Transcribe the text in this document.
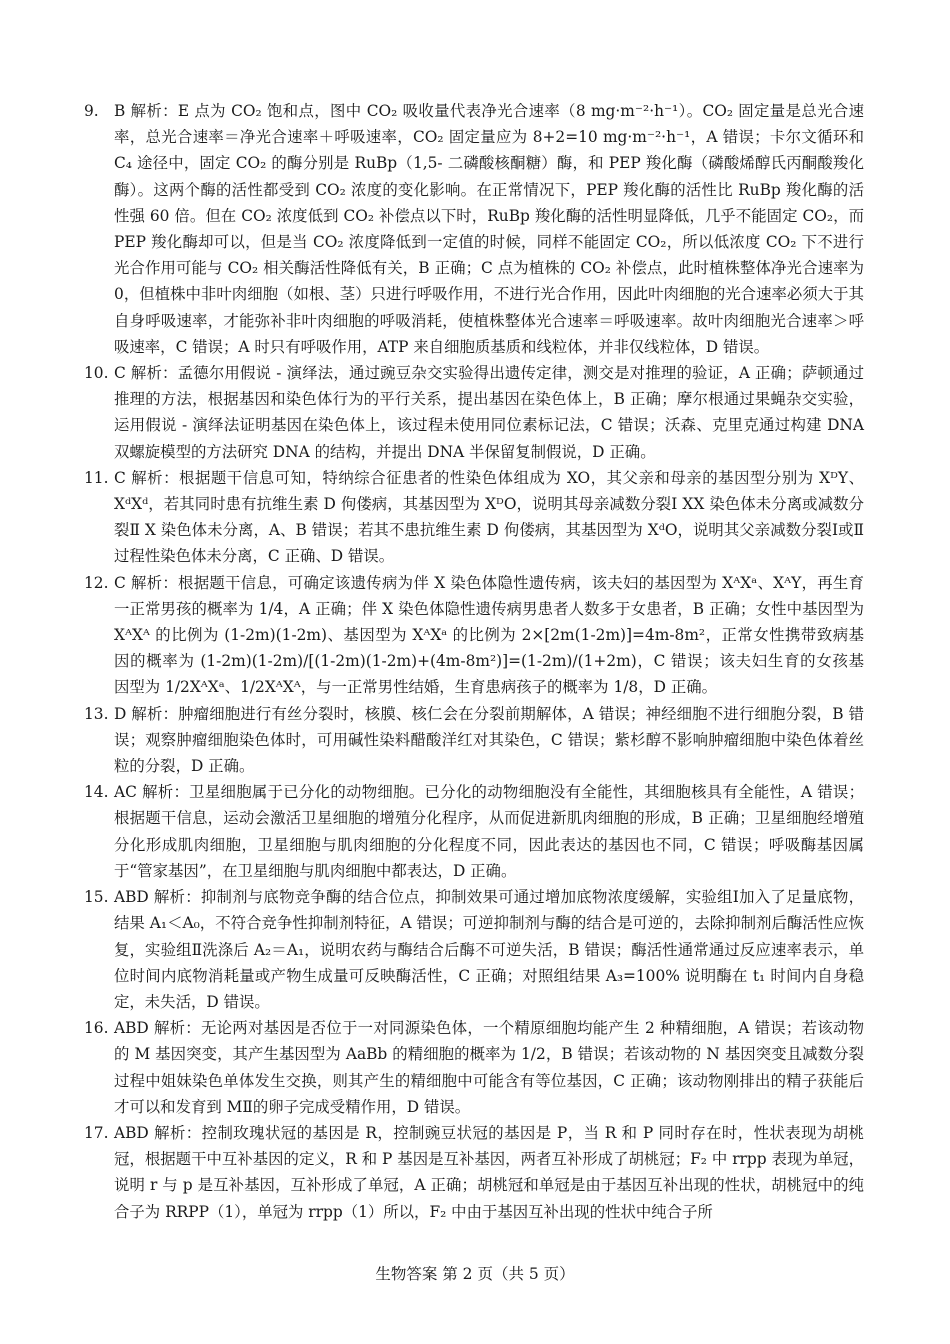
9. B 解析：E 点为 CO₂ 饱和点，图中 CO₂ 吸收量代表净光合速率（8 mg·m⁻²·h⁻¹）。CO₂ 固定量是总光合速率，总光合速率＝净光合速率＋呼吸速率，CO₂ 固定量应为 8+2=10 mg·m⁻²·h⁻¹，A 错误；卡尔文循环和 C₄ 途径中，固定 CO₂ 的酶分别是 RuBp（1,5- 二磷酸核酮糖）酶，和 PEP 羧化酶（磷酸烯醇氏丙酮酸羧化酶）。这两个酶的活性都受到 CO₂ 浓度的变化影响。在正常情况下，PEP 羧化酶的活性比 RuBp 羧化酶的活性强 60 倍。但在 CO₂ 浓度低到 CO₂ 补偿点以下时，RuBp 羧化酶的活性明显降低，几乎不能固定 CO₂，而 PEP 羧化酶却可以，但是当 CO₂ 浓度降低到一定值的时候，同样不能固定 CO₂，所以低浓度 CO₂ 下不进行光合作用可能与 CO₂ 相关酶活性降低有关，B 正确；C 点为植株的 CO₂ 补偿点，此时植株整体净光合速率为 0，但植株中非叶肉细胞（如根、茎）只进行呼吸作用，不进行光合作用，因此叶肉细胞的光合速率必须大于其自身呼吸速率，才能弥补非叶肉细胞的呼吸消耗，使植株整体光合速率＝呼吸速率。故叶肉细胞光合速率＞呼吸速率，C 错误；A 时只有呼吸作用，ATP 来自细胞质基质和线粒体，并非仅线粒体，D 错误。
10. C 解析：孟德尔用假说 - 演绎法，通过豌豆杂交实验得出遗传定律，测交是对推理的验证，A 正确；萨顿通过推理的方法，根据基因和染色体行为的平行关系，提出基因在染色体上，B 正确；摩尔根通过果蝇杂交实验，运用假说 - 演绎法证明基因在染色体上，该过程未使用同位素标记法，C 错误；沃森、克里克通过构建 DNA 双螺旋模型的方法研究 DNA 的结构，并提出 DNA 半保留复制假说，D 正确。
11. C 解析：根据题干信息可知，特纳综合征患者的性染色体组成为 XO，其父亲和母亲的基因型分别为 XᴰY、XᵈXᵈ，若其同时患有抗维生素 D 佝偻病，其基因型为 XᴰO，说明其母亲减数分裂Ⅰ XX 染色体未分离或减数分裂Ⅱ X 染色体未分离，A、B 错误；若其不患抗维生素 D 佝偻病，其基因型为 XᵈO，说明其父亲减数分裂Ⅰ或Ⅱ过程性染色体未分离，C 正确、D 错误。
12. C 解析：根据题干信息，可确定该遗传病为伴 X 染色体隐性遗传病，该夫妇的基因型为 XᴬXᵃ、XᴬY，再生育一正常男孩的概率为 1/4，A 正确；伴 X 染色体隐性遗传病男患者人数多于女患者，B 正确；女性中基因型为 XᴬXᴬ 的比例为 (1-2m)(1-2m)、基因型为 XᴬXᵃ 的比例为 2×[2m(1-2m)]=4m-8m²，正常女性携带致病基因的概率为 (1-2m)(1-2m)/[(1-2m)(1-2m)+(4m-8m²)]=(1-2m)/(1+2m)，C 错误；该夫妇生育的女孩基因型为 1/2XᴬXᵃ、1/2XᴬXᴬ，与一正常男性结婚，生育患病孩子的概率为 1/8，D 正确。
13. D 解析：肿瘤细胞进行有丝分裂时，核膜、核仁会在分裂前期解体，A 错误；神经细胞不进行细胞分裂，B 错误；观察肿瘤细胞染色体时，可用碱性染料醋酸洋红对其染色，C 错误；紫杉醇不影响肿瘤细胞中染色体着丝粒的分裂，D 正确。
14. AC 解析：卫星细胞属于已分化的动物细胞。已分化的动物细胞没有全能性，其细胞核具有全能性，A 错误；根据题干信息，运动会激活卫星细胞的增殖分化程序，从而促进新肌肉细胞的形成，B 正确；卫星细胞经增殖分化形成肌肉细胞，卫星细胞与肌肉细胞的分化程度不同，因此表达的基因也不同，C 错误；呼吸酶基因属于“管家基因”，在卫星细胞与肌肉细胞中都表达，D 正确。
15. ABD 解析：抑制剂与底物竞争酶的结合位点，抑制效果可通过增加底物浓度缓解，实验组Ⅰ加入了足量底物，结果 A₁＜A₀，不符合竞争性抑制剂特征，A 错误；可逆抑制剂与酶的结合是可逆的，去除抑制剂后酶活性应恢复，实验组Ⅱ洗涤后 A₂＝A₁，说明农药与酶结合后酶不可逆失活，B 错误；酶活性通常通过反应速率表示，单位时间内底物消耗量或产物生成量可反映酶活性，C 正确；对照组结果 A₃=100% 说明酶在 t₁ 时间内自身稳定，未失活，D 错误。
16. ABD 解析：无论两对基因是否位于一对同源染色体，一个精原细胞均能产生 2 种精细胞，A 错误；若该动物的 M 基因突变，其产生基因型为 AaBb 的精细胞的概率为 1/2，B 错误；若该动物的 N 基因突变且减数分裂过程中姐妹染色单体发生交换，则其产生的精细胞中可能含有等位基因，C 正确；该动物刚排出的精子获能后才可以和发育到 MⅡ的卵子完成受精作用，D 错误。
17. ABD 解析：控制玫瑰状冠的基因是 R，控制豌豆状冠的基因是 P，当 R 和 P 同时存在时，性状表现为胡桃冠，根据题干中互补基因的定义，R 和 P 基因是互补基因，两者互补形成了胡桃冠；F₂ 中 rrpp 表现为单冠，说明 r 与 p 是互补基因，互补形成了单冠，A 正确；胡桃冠和单冠是由于基因互补出现的性状，胡桃冠中的纯合子为 RRPP（1），单冠为 rrpp（1）所以，F₂ 中由于基因互补出现的性状中纯合子所
生物答案 第 2 页（共 5 页）
